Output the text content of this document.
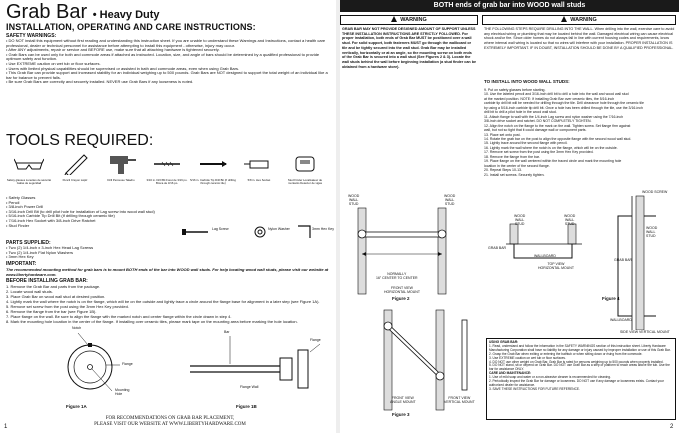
Grab Bar • Heavy Duty
INSTALLATION, OPERATING AND CARE INSTRUCTIONS:
SAFETY WARNINGS:
• DO NOT install this equipment without first reading and understanding this instruction sheet. If you are unable to understand these Warnings and Instructions, contact a health care professional, dealer or technical personnel for assistance before attempting to install this equipment - otherwise, injury may occur.
• After ANY adjustments, repair or service and BEFORE use, make sure that all attaching hardware is tightened securely.
• Grab Bars can be used only for both and commode areas if attached as instructed. Location, size, and angle of bars should be determined by a qualified professional to provide optimum safety and function.
• Use EXTREME caution on wet tub or floor surfaces.
• Users with limited physical capabilities should be supervised or assisted in bath and commode areas, even when using Grab Bars.
• This Grab Bar can provide support and increased stability for an individual weighing up to 500 pounds. Grab Bars are NOT designed to support the total weight of an individual like a bar for balance to prevent falls.
• Be sure Grab Bars are correctly and securely installed. NEVER use Grab Bars if any looseness is noted.
TOOLS REQUIRED:
Safety glasses Lunettes de sécurité Gafas de seguridad
Pencil Crayon Lápiz	Drill Perceuse Taladro	3/16 in. Drill Bit Foret de 3/16 po. Broca de 3/16 po.
5/16 in. Carbide Tip Drill Bit (if drilling through ceramic tile)
5/8 in. Hex Socket	Stud Finder Localisateur de montants Detector de vigas
• Safety Glasses
• Pencil
• 3/8-inch Power Drill
• 3/16-inch Drill Bit (to drill pilot hole for installation of Lag screw into wood wall stud)
• 5/16-inch Carbide Tip Drill Bit (if drilling through ceramic tile)
• 7/16-inch Hex Socket with 3/8-inch Drive Ratchet
• Stud Finder
Lag Screw	Nylon Washer	3mm Hex Key
PARTS SUPPLIED:
• Two (2) 1/4-inch x 3-inch Hex Head Lag Screws
• Two (2) 1/4-inch Flat Nylon Washers
• 3mm Hex Key
IMPORTANT:
The recommended mounting method for grab bars is to mount BOTH ends of the bar into WOOD wall studs. For help locating wood wall studs, please visit our website at www.libertyhardware.com.
BEFORE INSTALLING GRAB BAR:
1. Remove the Grab Bar and parts from the package.
2. Locate wood wall studs.
3. Place Grab Bar on wood wall stud at desired position.
4. Lightly mark the wall where the notch is on the flange, which will be on the outside and lightly trace a circle around the flange base for alignment in a later step (see Figure 1A).
5. Remove set screw from the post using the 3mm Hex Key provided.
6. Remove the flange from the bar (see Figure 1B).
7. Place flange on the wall. Be sure to align the flange with the marked notch and center flange within the circle drawn in step 4.
8. Mark the mounting hole location in the center of the flange. If installing over ceramic tiles, please mark tape on the mounting area before marking the hole location.
Notch
Flange
Mounting
Hole
Figure 1A
Bar
Flange
Flange Wall
Figure 1B
FOR RECOMMENDATIONS ON GRAB BAR PLACEMENT,
PLEASE VISIT OUR WEBSITE AT WWW.LIBERTYHARDWARE.COM
1
BOTH ends of grab bar into WOOD wall studs
WARNING
GRAB BAR MAY NOT PROVIDE DESIGNED AMOUNT OF SUPPORT UNLESS THESE INSTALLATION INSTRUCTIONS ARE STRICTLY FOLLOWED. For proper installation, both ends of Grab Bar MUST be positioned over a wall stud. For solid support, both fasteners MUST go through the wallboard or tile and be tightly secured into the wall stud. Grab Bar may be installed vertically, horizontally or at an angle, so the mounting screw on both ends of the Grab Bar is secured into a wall stud (See Figures 2 & 3). Locate the wall studs behind the wall before beginning installation (a stud finder can be obtained from a hardware store).
WARNING
THE FOLLOWING STEPS REQUIRE DRILLING INTO THE WALL. When drilling into the wall, exercise care to avoid any electrical wiring or plumbing that may be located behind the wall. Damaged electrical wiring can cause electrical shock and/or fire. Since older homes do not always fall in line with current housing codes and requirements, know where internal wall wiring is located so that no wires will interfere with your installation. PROPER INSTALLATION IS EXTREMELY IMPORTANT. IF IN DOUBT, INSTALLATION SHOULD BE DONE BY A QUALIFIED PROFESSIONAL.
TO INSTALL INTO WOOD WALL STUDS:
9. Put on safety glasses before starting.
10. Use the labeled pencil and 3/16-inch drill bit to drill a hole into the wall and wood wall stud
at the marked position. NOTE: If installing Grab Bar over ceramic tiles, the 5/16-inch
carbide tip drill bit will be needed for drilling through the tile. Drill clearance hole through the ceramic tile
by using a 5/16-inch carbide tip drill bit. Once a hole has been drilled through the tile, use the 3/16-inch
drill bit to drill a pilot hole in the wood wall stud.
11. Attach flange to wall with the 1/4-inch Lag screw and nylon washer using the 7/16-inch
3/8-inch drive socket and ratchet. DO NOT COMPLETELY TIGHTEN.
12. Align the notch on the flange to the mark on the wall. Tighten screw. Set flange firm against
wall, but not so tight that it could damage wall or component parts.
13. Place set onto post.
14. Rotate the grab bar on the post to align the opposite flange with the second wood wall stud.
15. Lightly trace around the second flange with pencil.
16. Lightly mark the wall where the notch is on the flange, which will be on the outside.
17. Remove set screw from the post using the 3mm Hex Key provided.
18. Remove the flange from the bar.
19. Place flange on the wall centered within the traced circle and mark the mounting hole
location in the center of the second flange.
20. Repeat Steps 10-13.
21. Install set screws. Securely tighten.
WOOD
WALL
STUD
WOOD
WALL
STUD
NORMALLY
16" CENTER TO CENTER
FRONT VIEW
HORIZONTAL MOUNT
Figure 2
FRONT VIEW
ANGLE MOUNT
FRONT VIEW
VERTICAL MOUNT
Figure 3
WOOD
WALL
STUD
WOOD
WALL
STUD
WOOD SCREW
WOOD
WALL
STUD
WALLBOARD
GRAB BAR
TOP VIEW
HORIZONTAL MOUNT
GRAB BAR
Figure 4
WALLBOARD
SIDE VIEW VERTICAL MOUNT
USING GRAB BAR:
1. Read, understand and follow the information in the SAFETY WARNINGS section of this instruction sheet. Liberty Hardware Manufacturing Corporation shall have no liability for any damage or injury caused by improper installation or use of this Grab Bar.
2. Grasp the Grab Bar when exiting or entering the bathtub or when sitting down or rising from the commode.
3. Use EXTREME caution on wet tub or floor surfaces.
4. DO NOT use other weight on Grab Bar. Grab Bar is rated for persons weighing up to 500 pounds when properly installed.
5. DO NOT stand, sit or depend on Grab Bar. DO NOT use Grab Bar as a step or platform to reach areas above the tub. Use the bar for assistance ONLY.
CARE AND MAINTENANCE:
1. Use of mild soap and water or a non-abrasive cleaner is recommended for cleaning.
2. Periodically inspect the Grab Bar for damage or looseness. DO NOT use if any damage or looseness exists. Contact your authorized dealer for assistance.
3. SAVE THESE INSTRUCTIONS FOR FUTURE REFERENCE.
2
